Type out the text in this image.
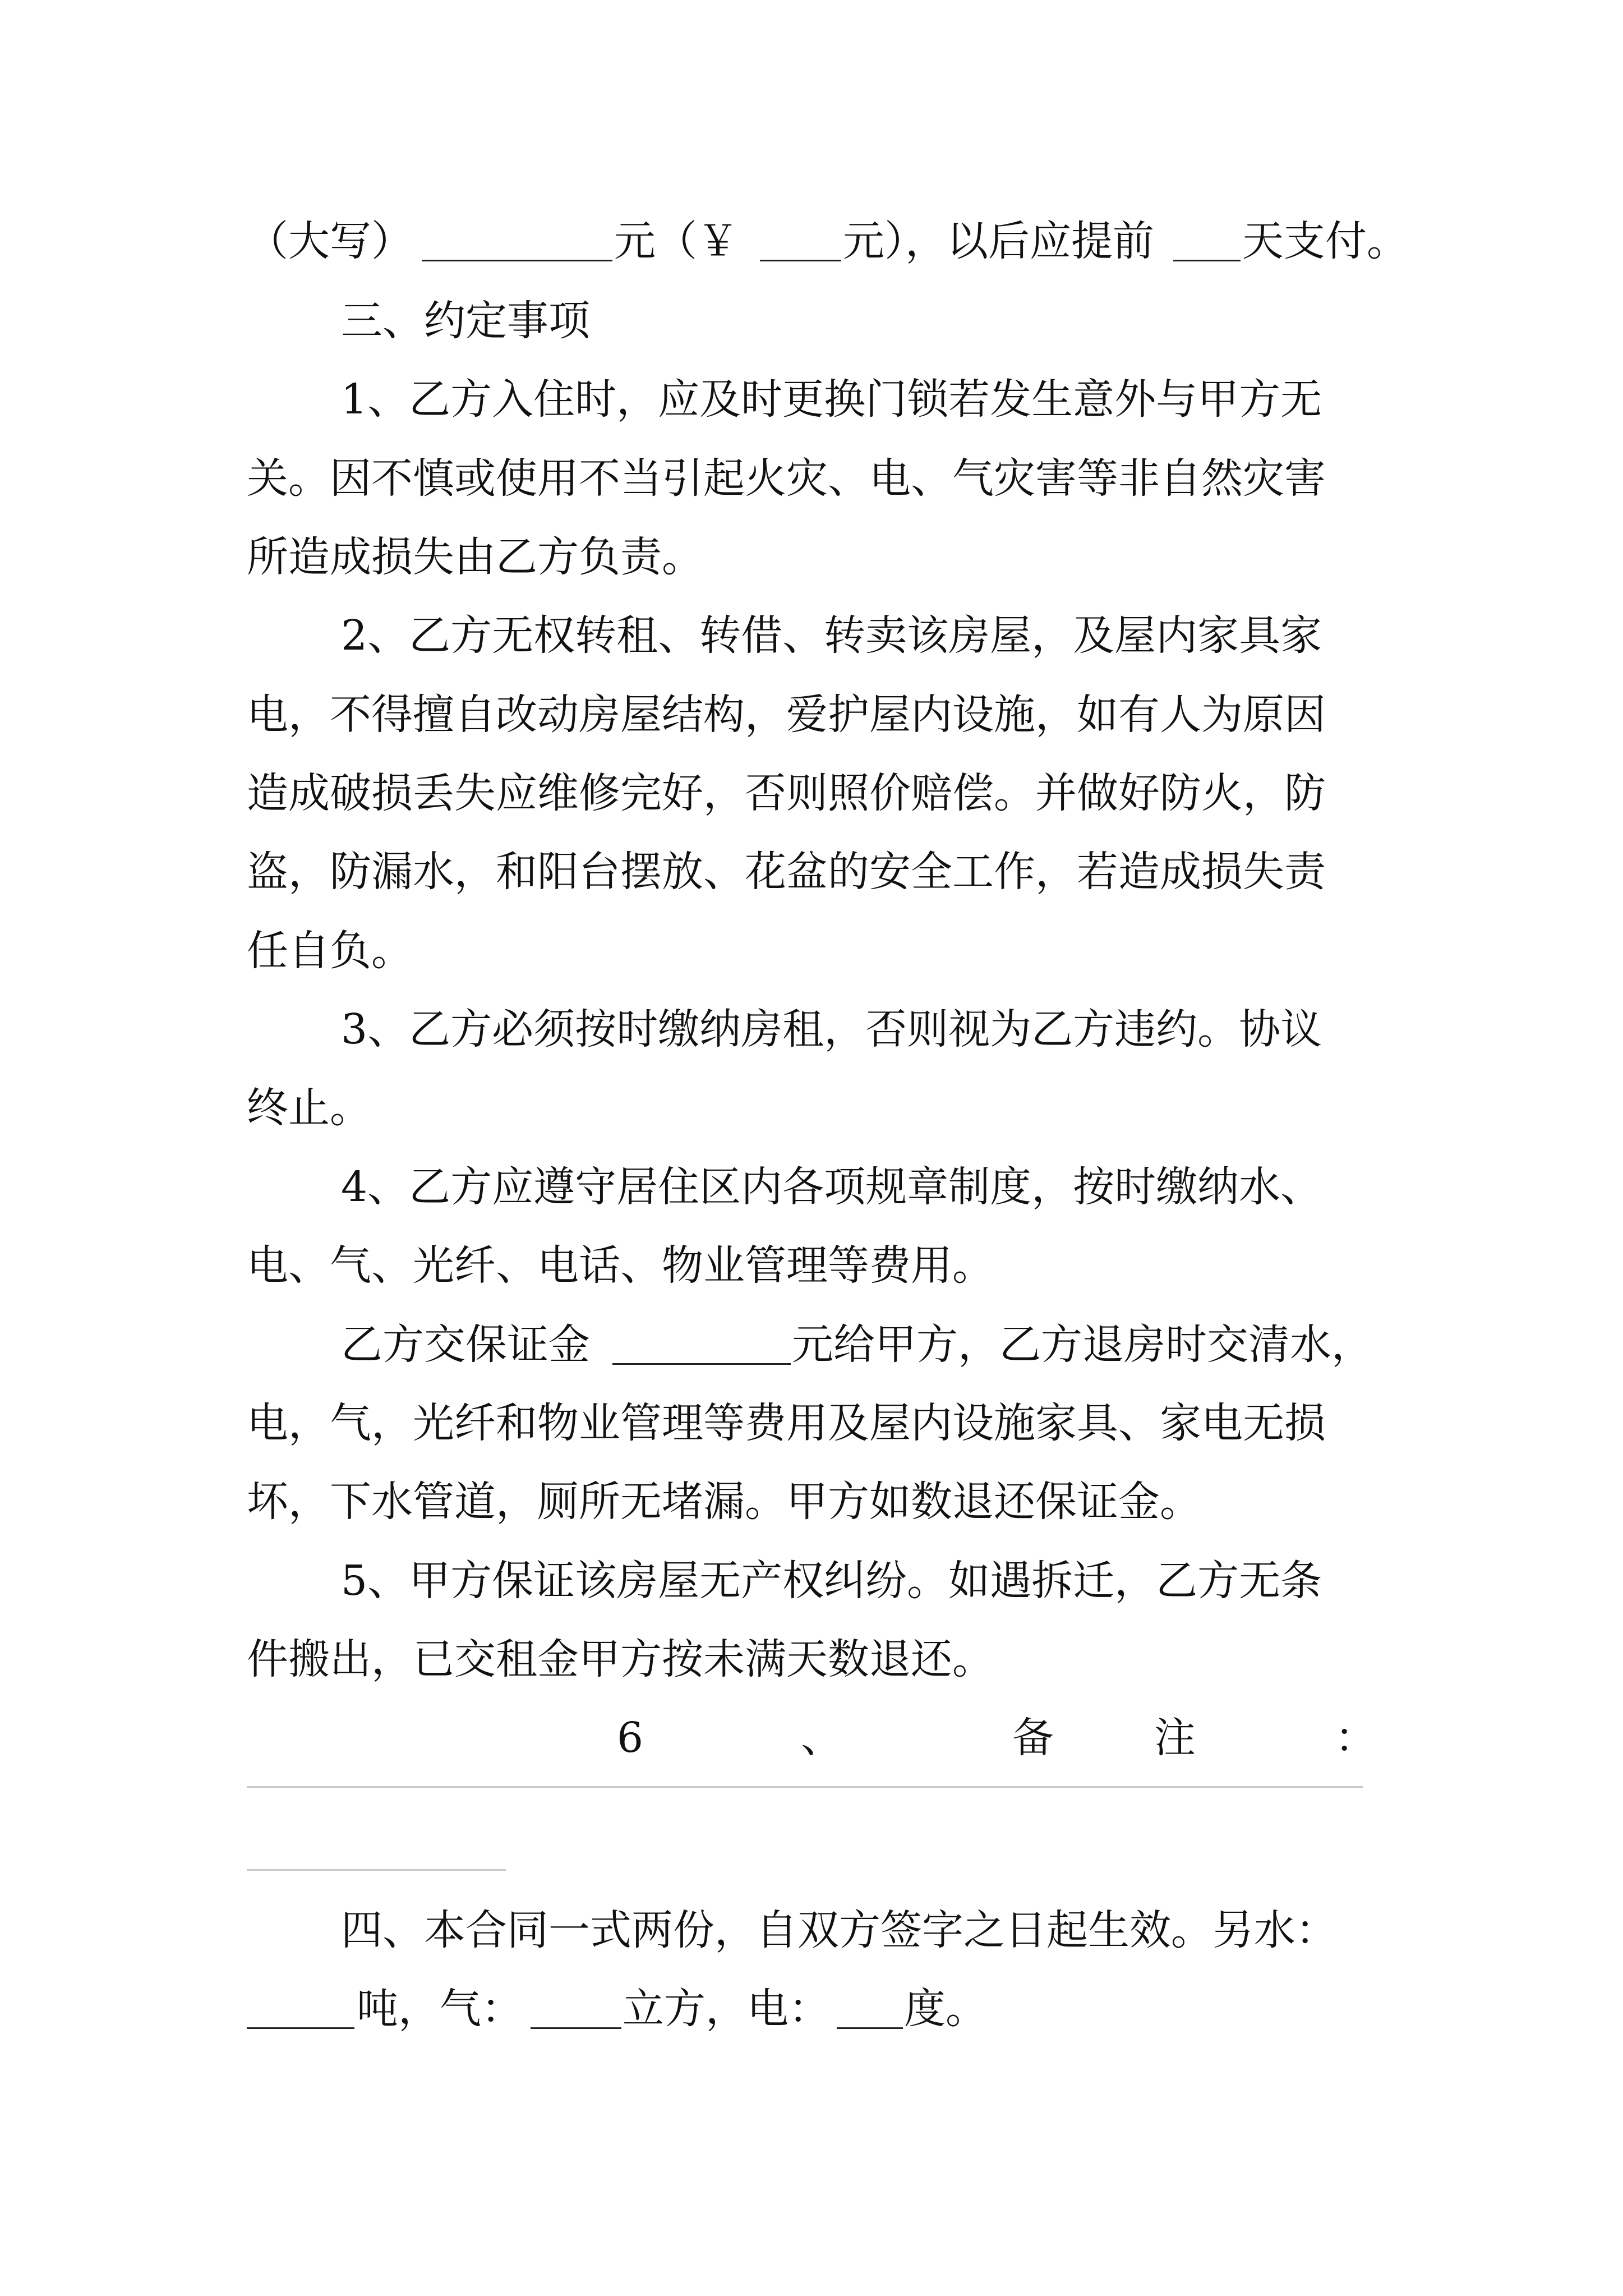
（大写）	元（￥	元），以后应提前 天支付。
三、约定事项
1、乙方入住时，应及时更换门锁若发生意外与甲方无
关。因不慎或使用不当引起火灾、电、气灾害等非自然灾害
所造成损失由乙方负责。
2、乙方无权转租、转借、转卖该房屋，及屋内家具家
电，不得擅自改动房屋结构，爱护屋内设施，如有人为原因
造成破损丢失应维修完好，否则照价赔偿。并做好防火，防
盗，防漏水，和阳台摆放、花盆的安全工作，若造成损失责
任自负。
3、乙方必须按时缴纳房租，否则视为乙方违约。协议
终止。
4、乙方应遵守居住区内各项规章制度，按时缴纳水、
电、气、光纤、电话、物业管理等费用。
乙方交保证金	元给甲方，乙方退房时交清水，
电，气，光纤和物业管理等费用及屋内设施家具、家电无损
坏，下水管道，厕所无堵漏。甲方如数退还保证金。
5、甲方保证该房屋无产权纠纷。如遇拆迁，乙方无条
件搬出，已交租金甲方按未满天数退还。
6	、	备 注	：
四、本合同一式两份，自双方签字之日起生效。另水：
吨，气： 立方，电： 度。
